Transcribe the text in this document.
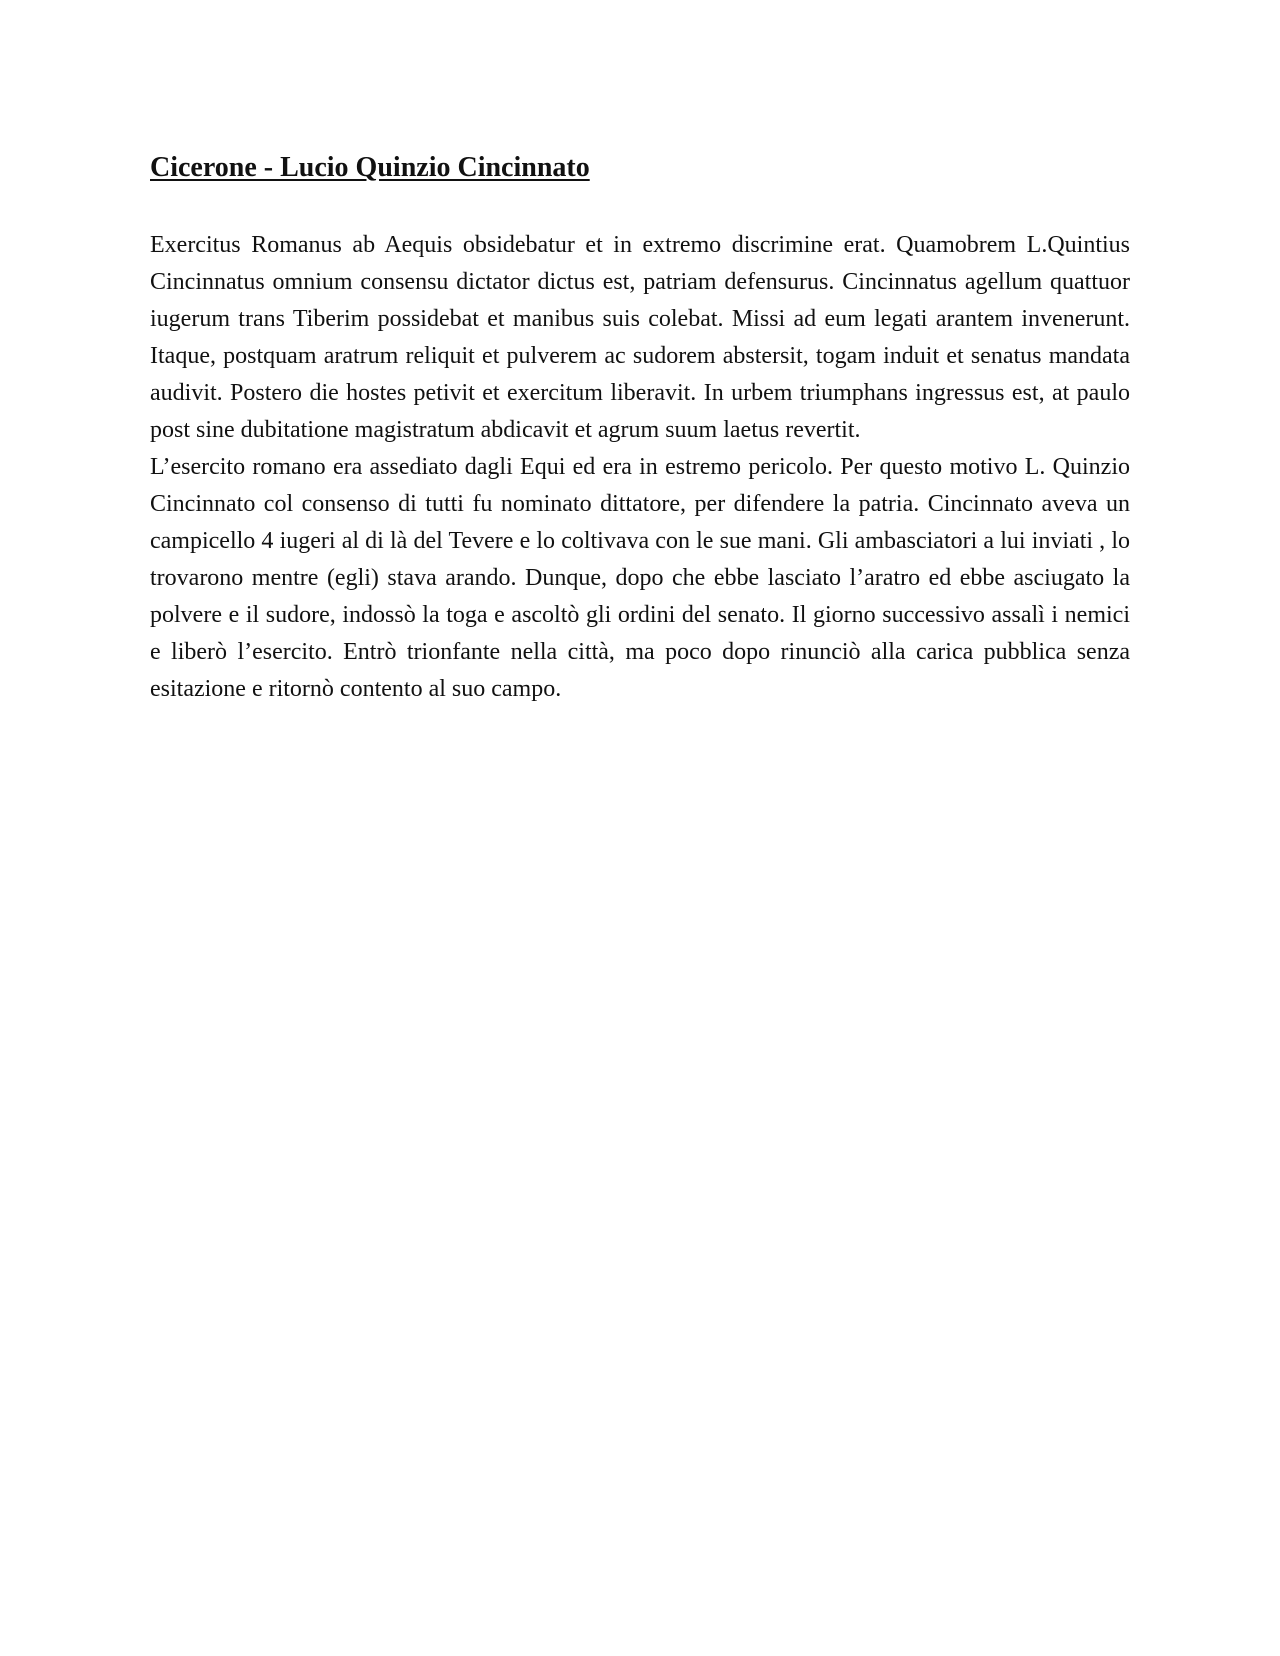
Cicerone - Lucio Quinzio Cincinnato

Exercitus Romanus ab Aequis obsidebatur et in extremo discrimine erat. Quamobrem L.Quintius Cincinnatus omnium consensu dictator dictus est, patriam defensurus. Cincinnatus agellum quattuor iugerum trans Tiberim possidebat et manibus suis colebat. Missi ad eum legati arantem invenerunt. Itaque, postquam aratrum reliquit et pulverem ac sudorem abstersit, togam induit et senatus mandata audivit. Postero die hostes petivit et exercitum liberavit. In urbem triumphans ingressus est, at paulo post sine dubitatione magistratum abdicavit et agrum suum laetus revertit.

L’esercito romano era assediato dagli Equi ed era in estremo pericolo. Per questo motivo L. Quinzio Cincinnato col consenso di tutti fu nominato dittatore, per difendere la patria. Cincinnato aveva un campicello 4 iugeri al di là del Tevere e lo coltivava con le sue mani. Gli ambasciatori a lui inviati , lo trovarono mentre (egli) stava arando. Dunque, dopo che ebbe lasciato l’aratro ed ebbe asciugato la polvere e il sudore, indossò la toga e ascoltò gli ordini del senato. Il giorno successivo assalì i nemici e liberò l’esercito. Entrò trionfante nella città, ma poco dopo rinunciò alla carica pubblica senza esitazione e ritornò contento al suo campo.
